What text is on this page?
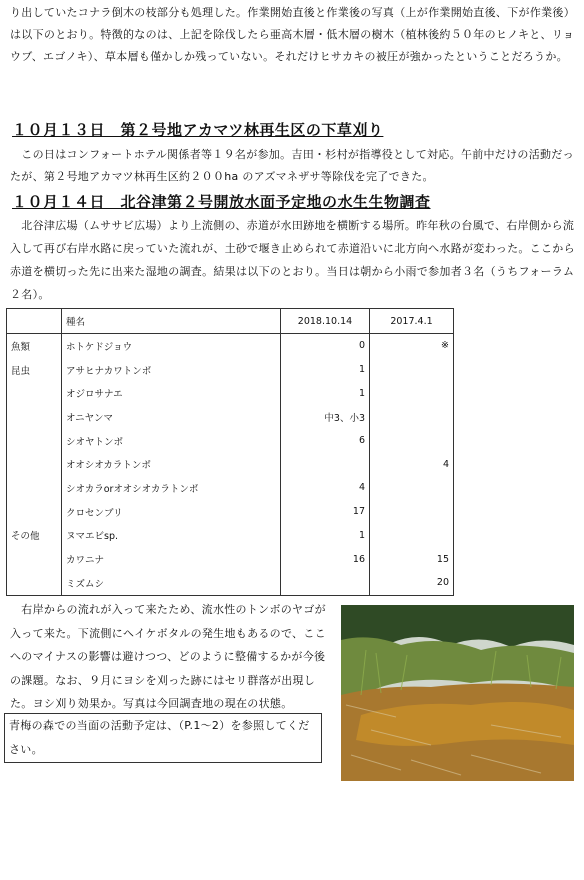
り出していたコナラ倒木の枝部分も処理した。作業開始直後と作業後の写真（上が作業開始直後、下が作業後）は以下のとおり。特徴的なのは、上記を除伐したら亜高木層・低木層の樹木（植林後約５０年のヒノキと、リョウブ、エゴノキ）、草本層も僅かしか残っていない。それだけヒサカキの被圧が強かったということだろうか。
１０月１３日　第２号地アカマツ林再生区の下草刈り
　この日はコンフォートホテル関係者等１９名が参加。吉田・杉村が指導役として対応。午前中だけの活動だったが、第２号地アカマツ林再生区約２００ha のアズマネザサ等除伐を完了できた。
１０月１４日　北谷津第２号開放水面予定地の水生生物調査
　北谷津広場（ムササビ広場）より上流側の、赤道が水田跡地を横断する場所。昨年秋の台風で、右岸側から流入して再び右岸水路に戻っていた流れが、土砂で堰き止められて赤道沿いに北方向へ水路が変わった。ここから赤道を横切った先に出来た湿地の調査。結果は以下のとおり。当日は朝から小雨で参加者３名（うちフォーラム２名）。
	種名	2018.10.14	2017.4.1
魚類	ホトケドジョウ	0	※
昆虫	アサヒナカワトンボ	1	
	オジロサナエ	1	
	オニヤンマ	中3、小3	
	シオヤトンボ	6	
	オオシオカラトンボ		4
	シオカラorオオシオカラトンボ	4	
	クロセンブリ	17	
その他	ヌマエビsp.	1	
	カワニナ	16	15
	ミズムシ		20
　右岸からの流れが入って来たため、流水性のトンボのヤゴが入って来た。下流側にヘイケボタルの発生地もあるので、ここへのマイナスの影響は避けつつ、どのように整備するかが今後の課題。なお、９月にヨシを刈った跡にはセリ群落が出現した。ヨシ刈り効果か。写真は今回調査地の現在の状態。
青梅の森での当面の活動予定は、（P.1～2）を参照してください。
